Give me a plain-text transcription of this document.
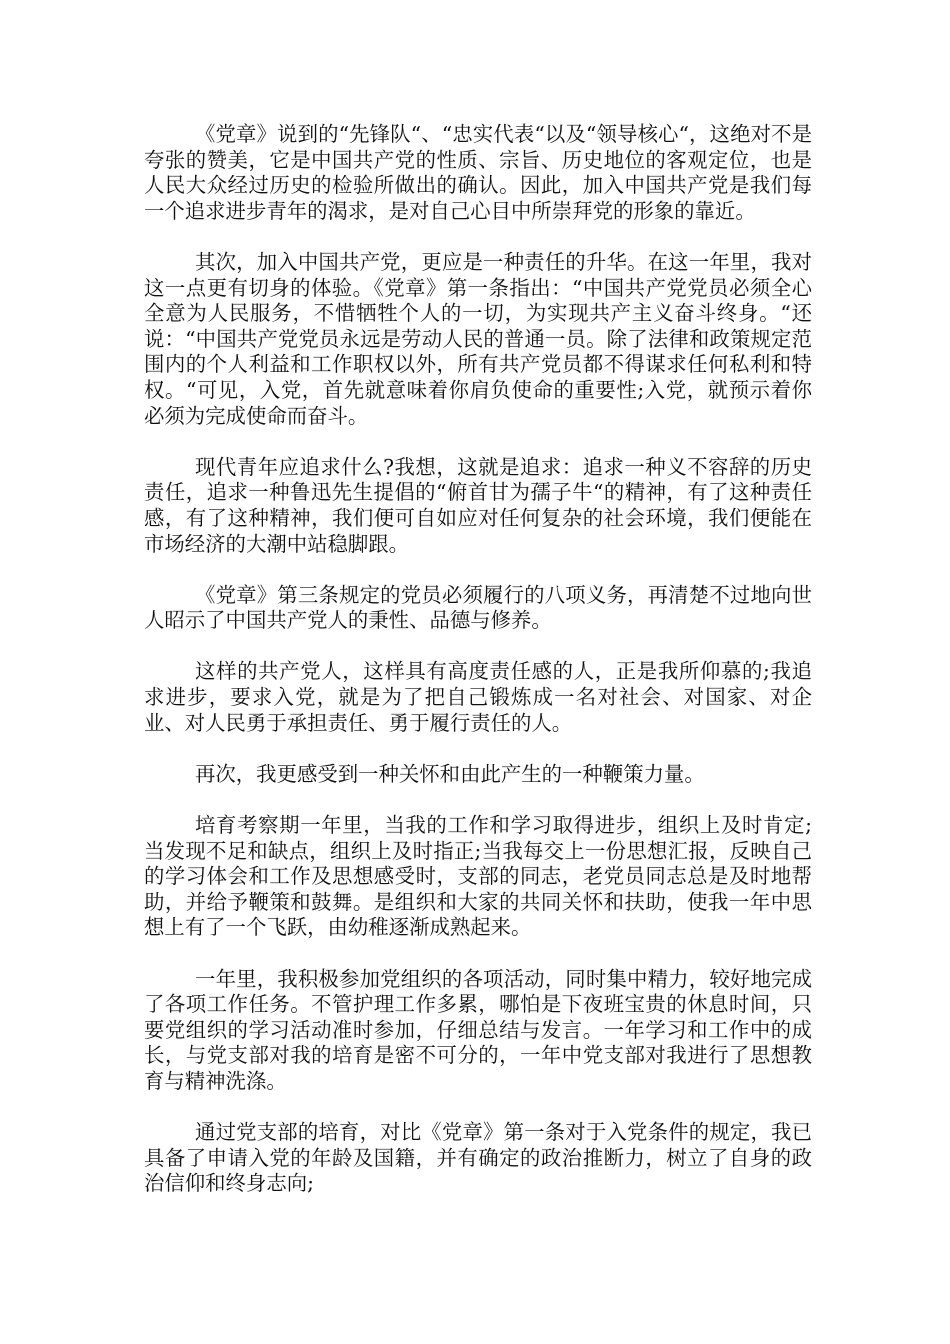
《党章》说到的“先锋队“、“忠实代表“以及“领导核心“，这绝对不是夸张的赞美，它是中国共产党的性质、宗旨、历史地位的客观定位，也是人民大众经过历史的检验所做出的确认。因此，加入中国共产党是我们每一个追求进步青年的渴求，是对自己心目中所崇拜党的形象的靠近。

其次，加入中国共产党，更应是一种责任的升华。在这一年里，我对这一点更有切身的体验。《党章》第一条指出：“中国共产党党员必须全心全意为人民服务，不惜牺牲个人的一切，为实现共产主义奋斗终身。“还说：“中国共产党党员永远是劳动人民的普通一员。除了法律和政策规定范围内的个人利益和工作职权以外，所有共产党员都不得谋求任何私利和特权。“可见，入党，首先就意味着你肩负使命的重要性;入党，就预示着你必须为完成使命而奋斗。

现代青年应追求什么?我想，这就是追求：追求一种义不容辞的历史责任，追求一种鲁迅先生提倡的“俯首甘为孺子牛“的精神，有了这种责任感，有了这种精神，我们便可自如应对任何复杂的社会环境，我们便能在市场经济的大潮中站稳脚跟。

《党章》第三条规定的党员必须履行的八项义务，再清楚不过地向世人昭示了中国共产党人的秉性、品德与修养。

这样的共产党人，这样具有高度责任感的人，正是我所仰慕的;我追求进步，要求入党，就是为了把自己锻炼成一名对社会、对国家、对企业、对人民勇于承担责任、勇于履行责任的人。

再次，我更感受到一种关怀和由此产生的一种鞭策力量。

培育考察期一年里，当我的工作和学习取得进步，组织上及时肯定;当发现不足和缺点，组织上及时指正;当我每交上一份思想汇报，反映自己的学习体会和工作及思想感受时，支部的同志，老党员同志总是及时地帮助，并给予鞭策和鼓舞。是组织和大家的共同关怀和扶助，使我一年中思想上有了一个飞跃，由幼稚逐渐成熟起来。

一年里，我积极参加党组织的各项活动，同时集中精力，较好地完成了各项工作任务。不管护理工作多累，哪怕是下夜班宝贵的休息时间，只要党组织的学习活动准时参加，仔细总结与发言。一年学习和工作中的成长，与党支部对我的培育是密不可分的，一年中党支部对我进行了思想教育与精神洗涤。

通过党支部的培育，对比《党章》第一条对于入党条件的规定，我已具备了申请入党的年龄及国籍，并有确定的政治推断力，树立了自身的政治信仰和终身志向;
